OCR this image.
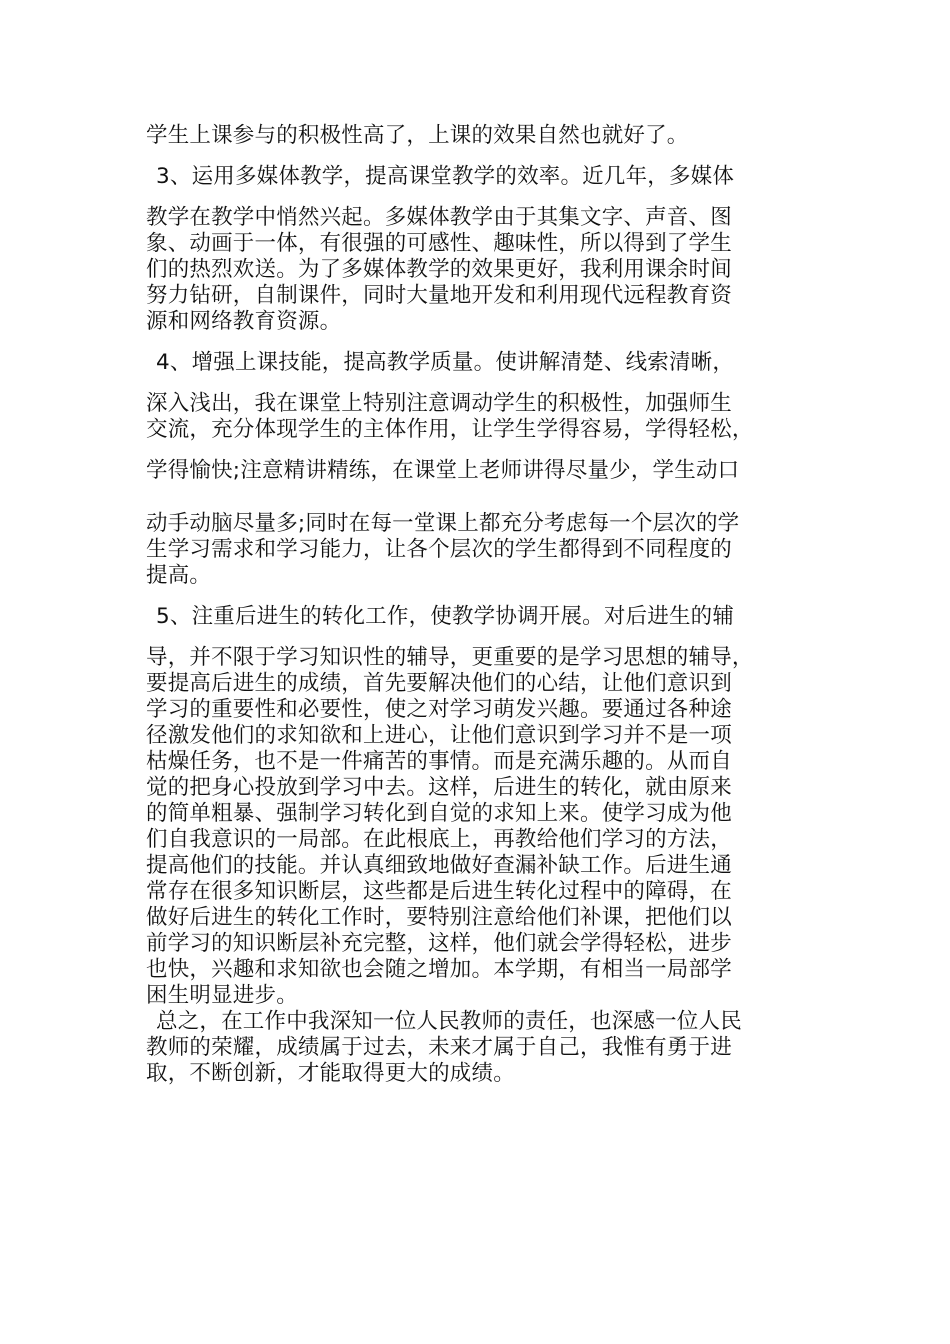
学生上课参与的积极性高了，上课的效果自然也就好了。
3、运用多媒体教学，提高课堂教学的效率。近几年，多媒体
教学在教学中悄然兴起。多媒体教学由于其集文字、声音、图
象、动画于一体，有很强的可感性、趣味性，所以得到了学生
们的热烈欢送。为了多媒体教学的效果更好，我利用课余时间
努力钻研，自制课件，同时大量地开发和利用现代远程教育资
源和网络教育资源。
4、增强上课技能，提高教学质量。使讲解清楚、线索清晰，
深入浅出，我在课堂上特别注意调动学生的积极性，加强师生
交流，充分体现学生的主体作用，让学生学得容易，学得轻松，
学得愉快;注意精讲精练，在课堂上老师讲得尽量少，学生动口
动手动脑尽量多;同时在每一堂课上都充分考虑每一个层次的学
生学习需求和学习能力，让各个层次的学生都得到不同程度的
提高。
5、注重后进生的转化工作，使教学协调开展。对后进生的辅
导，并不限于学习知识性的辅导，更重要的是学习思想的辅导，
要提高后进生的成绩，首先要解决他们的心结，让他们意识到
学习的重要性和必要性，使之对学习萌发兴趣。要通过各种途
径激发他们的求知欲和上进心，让他们意识到学习并不是一项
枯燥任务，也不是一件痛苦的事情。而是充满乐趣的。从而自
觉的把身心投放到学习中去。这样，后进生的转化，就由原来
的简单粗暴、强制学习转化到自觉的求知上来。使学习成为他
们自我意识的一局部。在此根底上，再教给他们学习的方法，
提高他们的技能。并认真细致地做好查漏补缺工作。后进生通
常存在很多知识断层，这些都是后进生转化过程中的障碍，在
做好后进生的转化工作时，要特别注意给他们补课，把他们以
前学习的知识断层补充完整，这样，他们就会学得轻松，进步
也快，兴趣和求知欲也会随之增加。本学期，有相当一局部学
困生明显进步。
总之，在工作中我深知一位人民教师的责任，也深感一位人民
教师的荣耀，成绩属于过去，未来才属于自己，我惟有勇于进
取，不断创新，才能取得更大的成绩。
